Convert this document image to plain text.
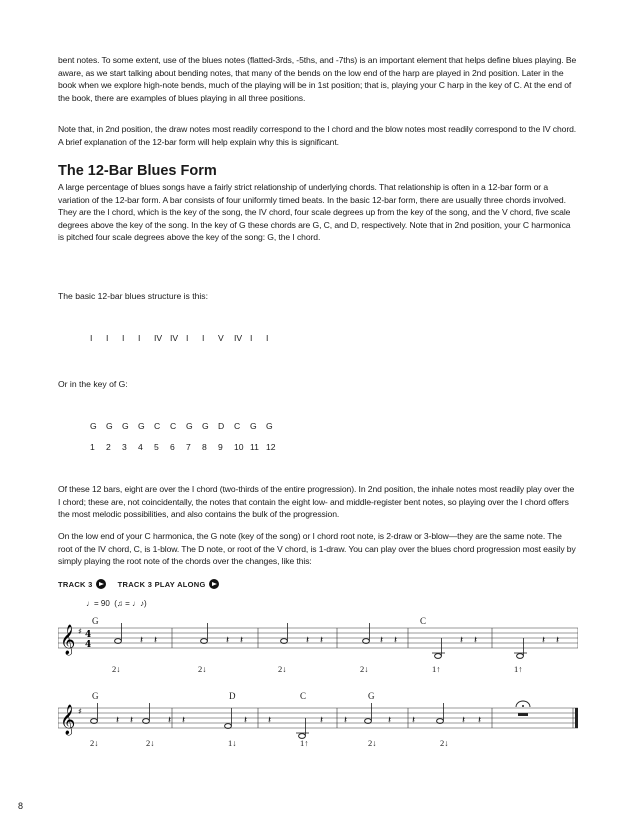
bent notes. To some extent, use of the blues notes (flatted-3rds, -5ths, and -7ths) is an important element that helps define blues playing. Be aware, as we start talking about bending notes, that many of the bends on the low end of the harp are played in 2nd position. Later in the book when we explore high-note bends, much of the playing will be in 1st position; that is, playing your C harp in the key of C. At the end of the book, there are examples of blues playing in all three positions.

Note that, in 2nd position, the draw notes most readily correspond to the I chord and the blow notes most readily correspond to the IV chord. A brief explanation of the 12-bar form will help explain why this is significant.

The 12-Bar Blues Form

A large percentage of blues songs have a fairly strict relationship of underlying chords. That relationship is often in a 12-bar form or a variation of the 12-bar form. A bar consists of four uniformly timed beats. In the basic 12-bar form, there are usually three chords involved. They are the I chord, which is the key of the song, the IV chord, four scale degrees up from the key of the song, and the V chord, five scale degrees above the key of the song. In the key of G these chords are G, C, and D, respectively. Note that in 2nd position, your C harmonica is pitched four scale degrees above the key of the song: G, the I chord.

The basic 12-bar blues structure is this:

I	I	I	I	IV IV I	I	V	IV I	I

Or in the key of G:

G	G	G	G	C	C	G	G	D	C	G	G
1	2	3	4	5	6	7	8	9	10 11 12

Of these 12 bars, eight are over the I chord (two-thirds of the entire progression). In 2nd position, the inhale notes most readily play over the I chord; these are, not coincidentally, the notes that contain the eight low- and middle-register bent notes, so playing over the I chord offers the most melodic possibilities, and also contains the bulk of the progression.

On the low end of your C harmonica, the G note (key of the song) or I chord root note, is 2-draw or 3-blow—they are the same note. The root of the IV chord, C, is 1-blow. The D note, or root of the V chord, is 1-draw. You can play over the blues chord progression most easily by simply playing the root note of the chords over the changes, like this:

TRACK 3	TRACK 3 PLAY ALONG
♩= 90  (♫ = ♩♪)
𝄞 ♯ 4
4	𝄽 𝄽	𝄽 𝄽	𝄽 𝄽	𝄽 𝄽	𝄽 𝄽	𝄽 𝄽
G	C
2↓	2↓	2↓	2↓	1↑	1↑
𝄞 ♯
𝄽 𝄽	𝄽 𝄽	𝄽 𝄽	𝄽 𝄽	𝄽 𝄽	𝄽 𝄽
G	D	C	G
2↓	2↓	1↓	1↑	2↓	2↓
8
